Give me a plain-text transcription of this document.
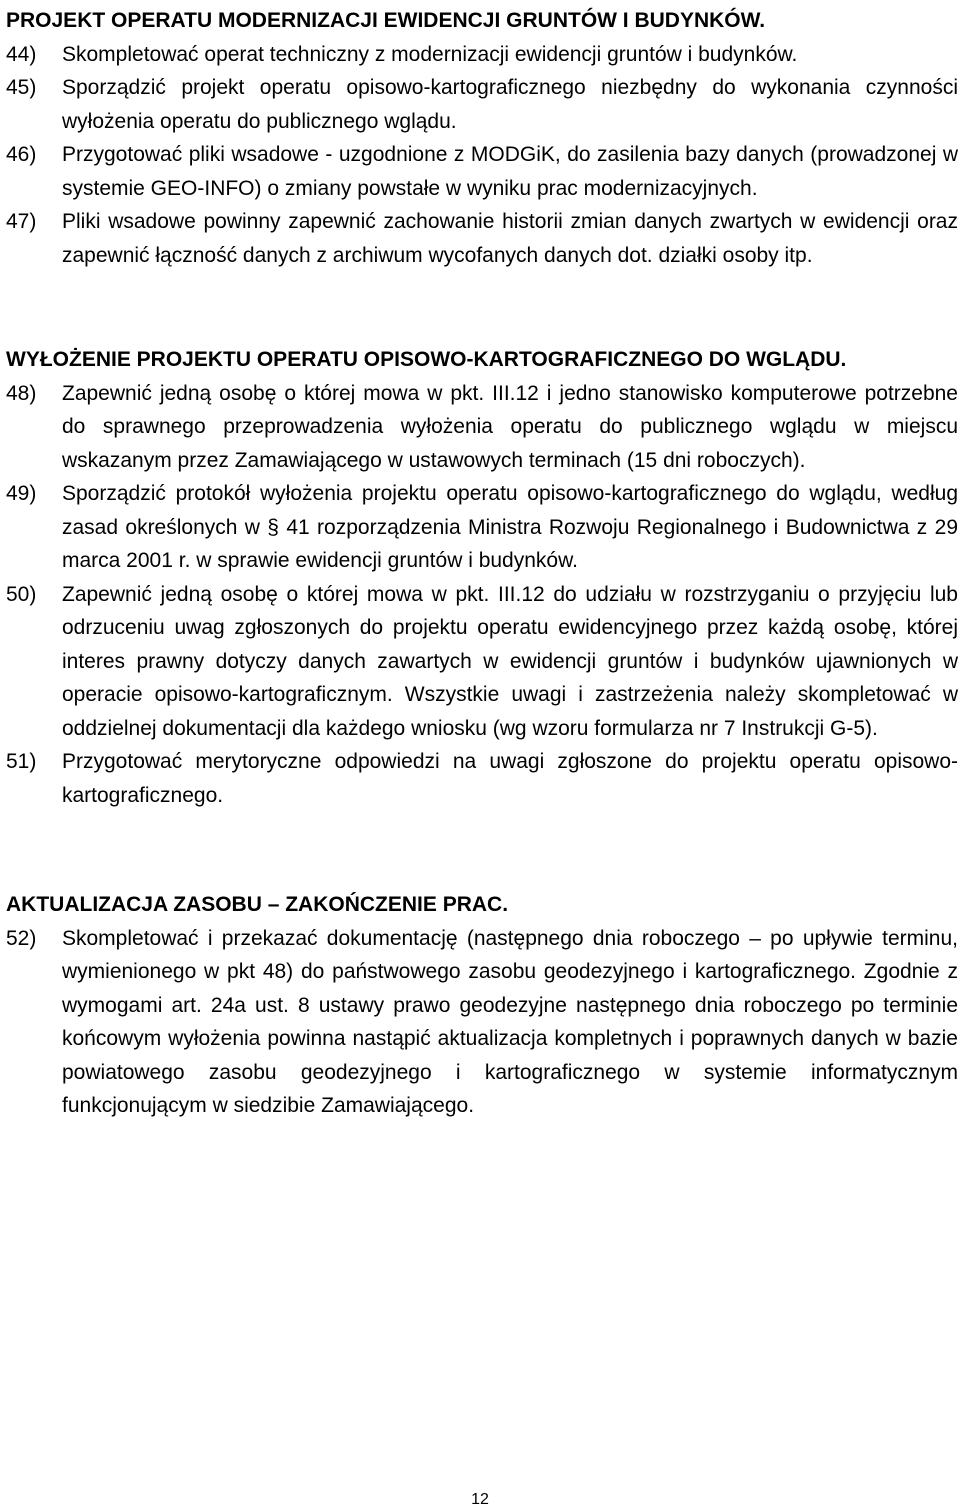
PROJEKT OPERATU MODERNIZACJI EWIDENCJI GRUNTÓW I BUDYNKÓW.
44)	Skompletować operat techniczny z modernizacji ewidencji gruntów i budynków.
45)	Sporządzić projekt operatu opisowo-kartograficznego niezbędny do wykonania czynności wyłożenia operatu do publicznego wglądu.
46)	Przygotować pliki wsadowe - uzgodnione z MODGiK, do zasilenia bazy danych (prowadzonej w systemie GEO-INFO) o zmiany powstałe w wyniku prac modernizacyjnych.
47)	Pliki wsadowe powinny zapewnić zachowanie historii zmian danych zwartych w ewidencji oraz zapewnić łączność danych z archiwum wycofanych danych dot. działki osoby itp.
WYŁOŻENIE PROJEKTU OPERATU OPISOWO-KARTOGRAFICZNEGO DO WGLĄDU.
48)	Zapewnić jedną osobę o której mowa w pkt. III.12 i jedno stanowisko komputerowe potrzebne do sprawnego przeprowadzenia wyłożenia operatu do publicznego wglądu w miejscu wskazanym przez Zamawiającego w ustawowych terminach (15 dni roboczych).
49)	Sporządzić protokół wyłożenia projektu operatu opisowo-kartograficznego do wglądu, według zasad określonych w § 41 rozporządzenia Ministra Rozwoju Regionalnego i Budownictwa z 29 marca 2001 r. w sprawie ewidencji gruntów i budynków.
50)	Zapewnić jedną osobę o której mowa w pkt. III.12 do udziału w rozstrzyganiu o przyjęciu lub odrzuceniu uwag zgłoszonych do projektu operatu ewidencyjnego przez każdą osobę, której interes prawny dotyczy danych zawartych w ewidencji gruntów i budynków ujawnionych w operacie opisowo-kartograficznym. Wszystkie uwagi i zastrzeżenia należy skompletować w oddzielnej dokumentacji dla każdego wniosku (wg wzoru formularza nr 7 Instrukcji G-5).
51)	Przygotować merytoryczne odpowiedzi na uwagi zgłoszone do projektu operatu opisowo-kartograficznego.
AKTUALIZACJA ZASOBU – ZAKOŃCZENIE PRAC.
52)	Skompletować i przekazać dokumentację (następnego dnia roboczego – po upływie terminu, wymienionego w pkt 48) do państwowego zasobu geodezyjnego i kartograficznego. Zgodnie z wymogami art. 24a ust. 8 ustawy prawo geodezyjne następnego dnia roboczego po terminie końcowym wyłożenia powinna nastąpić aktualizacja kompletnych i poprawnych danych w bazie powiatowego zasobu geodezyjnego i kartograficznego w systemie informatycznym funkcjonującym w siedzibie Zamawiającego.
12
